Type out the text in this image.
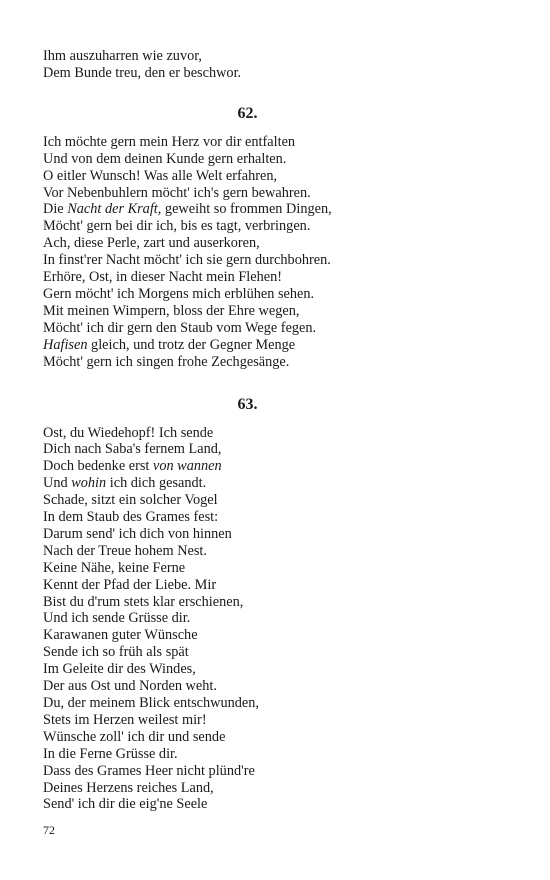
Ihm auszuharren wie zuvor,
Dem Bunde treu, den er beschwor.
62.
Ich möchte gern mein Herz vor dir entfalten
Und von dem deinen Kunde gern erhalten.
O eitler Wunsch! Was alle Welt erfahren,
Vor Nebenbuhlern möcht' ich's gern bewahren.
Die Nacht der Kraft, geweiht so frommen Dingen,
Möcht' gern bei dir ich, bis es tagt, verbringen.
Ach, diese Perle, zart und auserkoren,
In finst'rer Nacht möcht' ich sie gern durchbohren.
Erhöre, Ost, in dieser Nacht mein Flehen!
Gern möcht' ich Morgens mich erblühen sehen.
Mit meinen Wimpern, bloss der Ehre wegen,
Möcht' ich dir gern den Staub vom Wege fegen.
Hafisen gleich, und trotz der Gegner Menge
Möcht' gern ich singen frohe Zechgesänge.
63.
Ost, du Wiedehopf! Ich sende
Dich nach Saba's fernem Land,
Doch bedenke erst von wannen
Und wohin ich dich gesandt.
Schade, sitzt ein solcher Vogel
In dem Staub des Grames fest:
Darum send' ich dich von hinnen
Nach der Treue hohem Nest.
Keine Nähe, keine Ferne
Kennt der Pfad der Liebe. Mir
Bist du d'rum stets klar erschienen,
Und ich sende Grüsse dir.
Karawanen guter Wünsche
Sende ich so früh als spät
Im Geleite dir des Windes,
Der aus Ost und Norden weht.
Du, der meinem Blick entschwunden,
Stets im Herzen weilest mir!
Wünsche zoll' ich dir und sende
In die Ferne Grüsse dir.
Dass des Grames Heer nicht plünd're
Deines Herzens reiches Land,
Send' ich dir die eig'ne Seele
72
